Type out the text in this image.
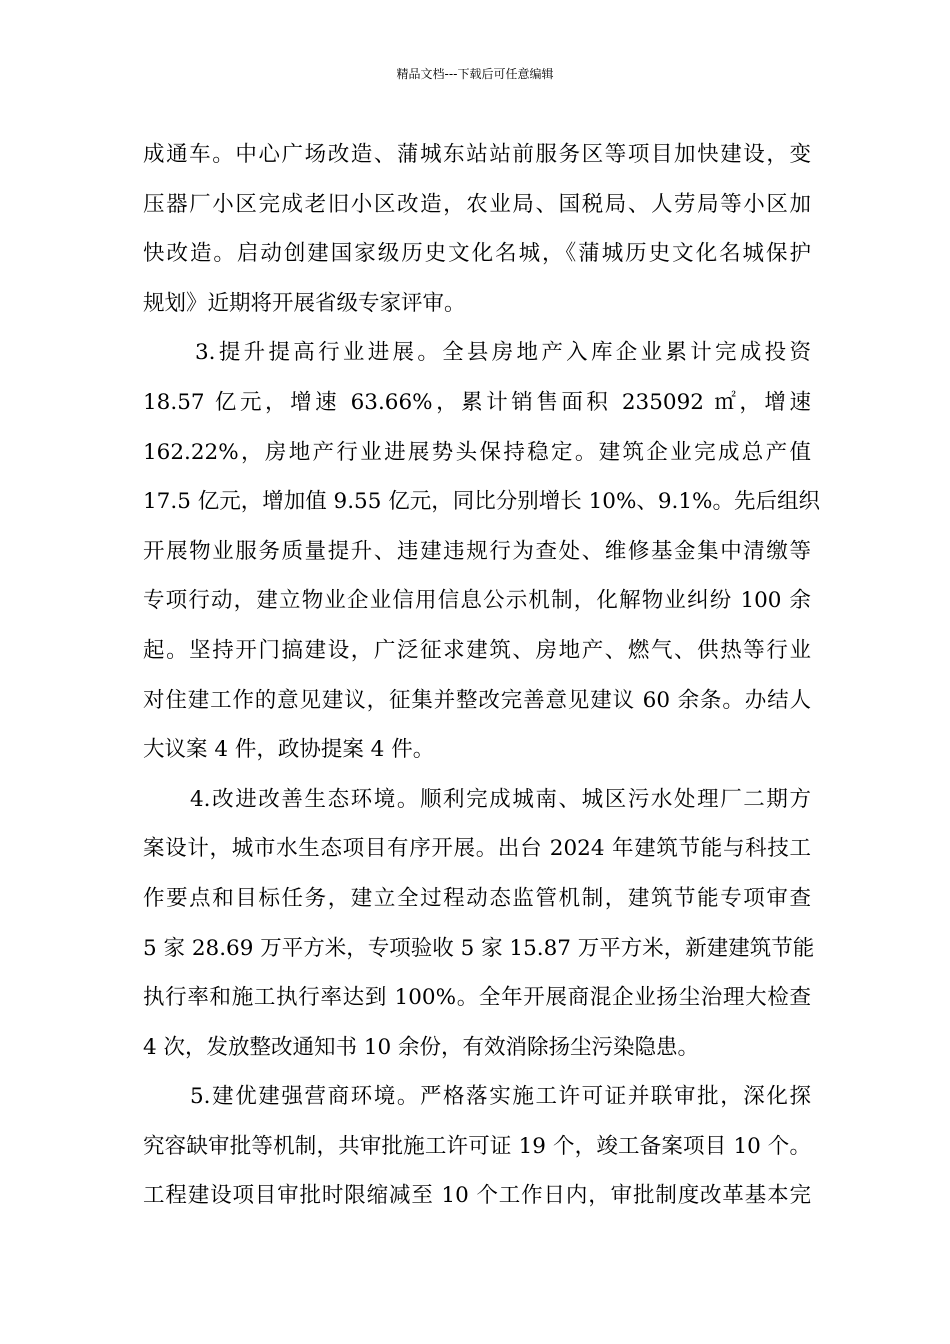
精品文档---下载后可任意编辑
成通车。中心广场改造、蒲城东站站前服务区等项目加快建设，变
压器厂小区完成老旧小区改造，农业局、国税局、人劳局等小区加
快改造。启动创建国家级历史文化名城，《蒲城历史文化名城保护
规划》近期将开展省级专家评审。
3.提升提高行业进展。全县房地产入库企业累计完成投资
18.57 亿元，增速 63.66%，累计销售面积 235092 ㎡，增速
162.22%，房地产行业进展势头保持稳定。建筑企业完成总产值
17.5 亿元，增加值 9.55 亿元，同比分别增长 10%、9.1%。先后组织
开展物业服务质量提升、违建违规行为查处、维修基金集中清缴等
专项行动，建立物业企业信用信息公示机制，化解物业纠纷 100 余
起。坚持开门搞建设，广泛征求建筑、房地产、燃气、供热等行业
对住建工作的意见建议，征集并整改完善意见建议 60 余条。办结人
大议案 4 件，政协提案 4 件。
4.改进改善生态环境。顺利完成城南、城区污水处理厂二期方
案设计，城市水生态项目有序开展。出台 2024 年建筑节能与科技工
作要点和目标任务，建立全过程动态监管机制，建筑节能专项审查
5 家 28.69 万平方米，专项验收 5 家 15.87 万平方米，新建建筑节能
执行率和施工执行率达到 100%。全年开展商混企业扬尘治理大检查
4 次，发放整改通知书 10 余份，有效消除扬尘污染隐患。
5.建优建强营商环境。严格落实施工许可证并联审批，深化探
究容缺审批等机制，共审批施工许可证 19 个，竣工备案项目 10 个。
工程建设项目审批时限缩减至 10 个工作日内，审批制度改革基本完
